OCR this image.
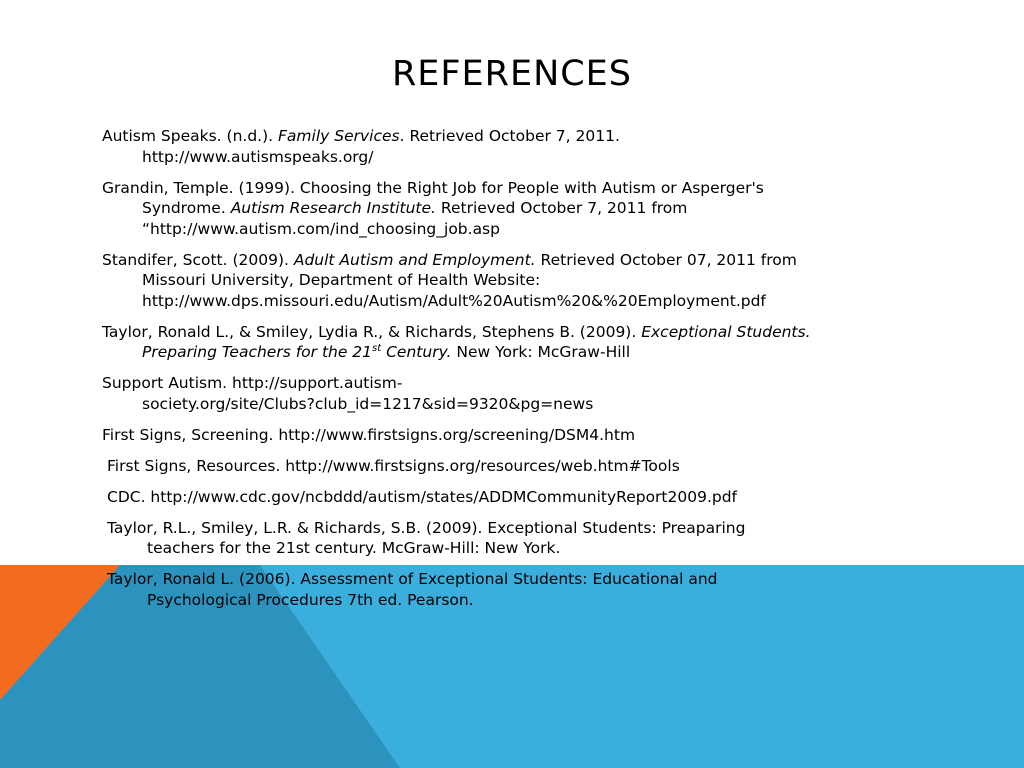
REFERENCES
Autism Speaks. (n.d.). Family Services. Retrieved October 7, 2011.
http://www.autismspeaks.org/
Grandin, Temple. (1999). Choosing the Right Job for People with Autism or Asperger's
Syndrome. Autism Research Institute. Retrieved October 7, 2011 from
“http://www.autism.com/ind_choosing_job.asp
Standifer, Scott. (2009). Adult Autism and Employment. Retrieved October 07, 2011 from
Missouri University, Department of Health Website:
http://www.dps.missouri.edu/Autism/Adult%20Autism%20&%20Employment.pdf
Taylor, Ronald L., & Smiley, Lydia R., & Richards, Stephens B. (2009). Exceptional Students.
Preparing Teachers for the 21st Century. New York: McGraw-Hill
Support Autism. http://support.autism-
society.org/site/Clubs?club_id=1217&sid=9320&pg=news
First Signs, Screening. http://www.firstsigns.org/screening/DSM4.htm
First Signs, Resources. http://www.firstsigns.org/resources/web.htm#Tools
CDC. http://www.cdc.gov/ncbddd/autism/states/ADDMCommunityReport2009.pdf
Taylor, R.L., Smiley, L.R. & Richards, S.B. (2009). Exceptional Students: Preaparing
teachers for the 21st century. McGraw-Hill: New York.
Taylor, Ronald L. (2006). Assessment of Exceptional Students: Educational and
Psychological Procedures 7th ed. Pearson.
